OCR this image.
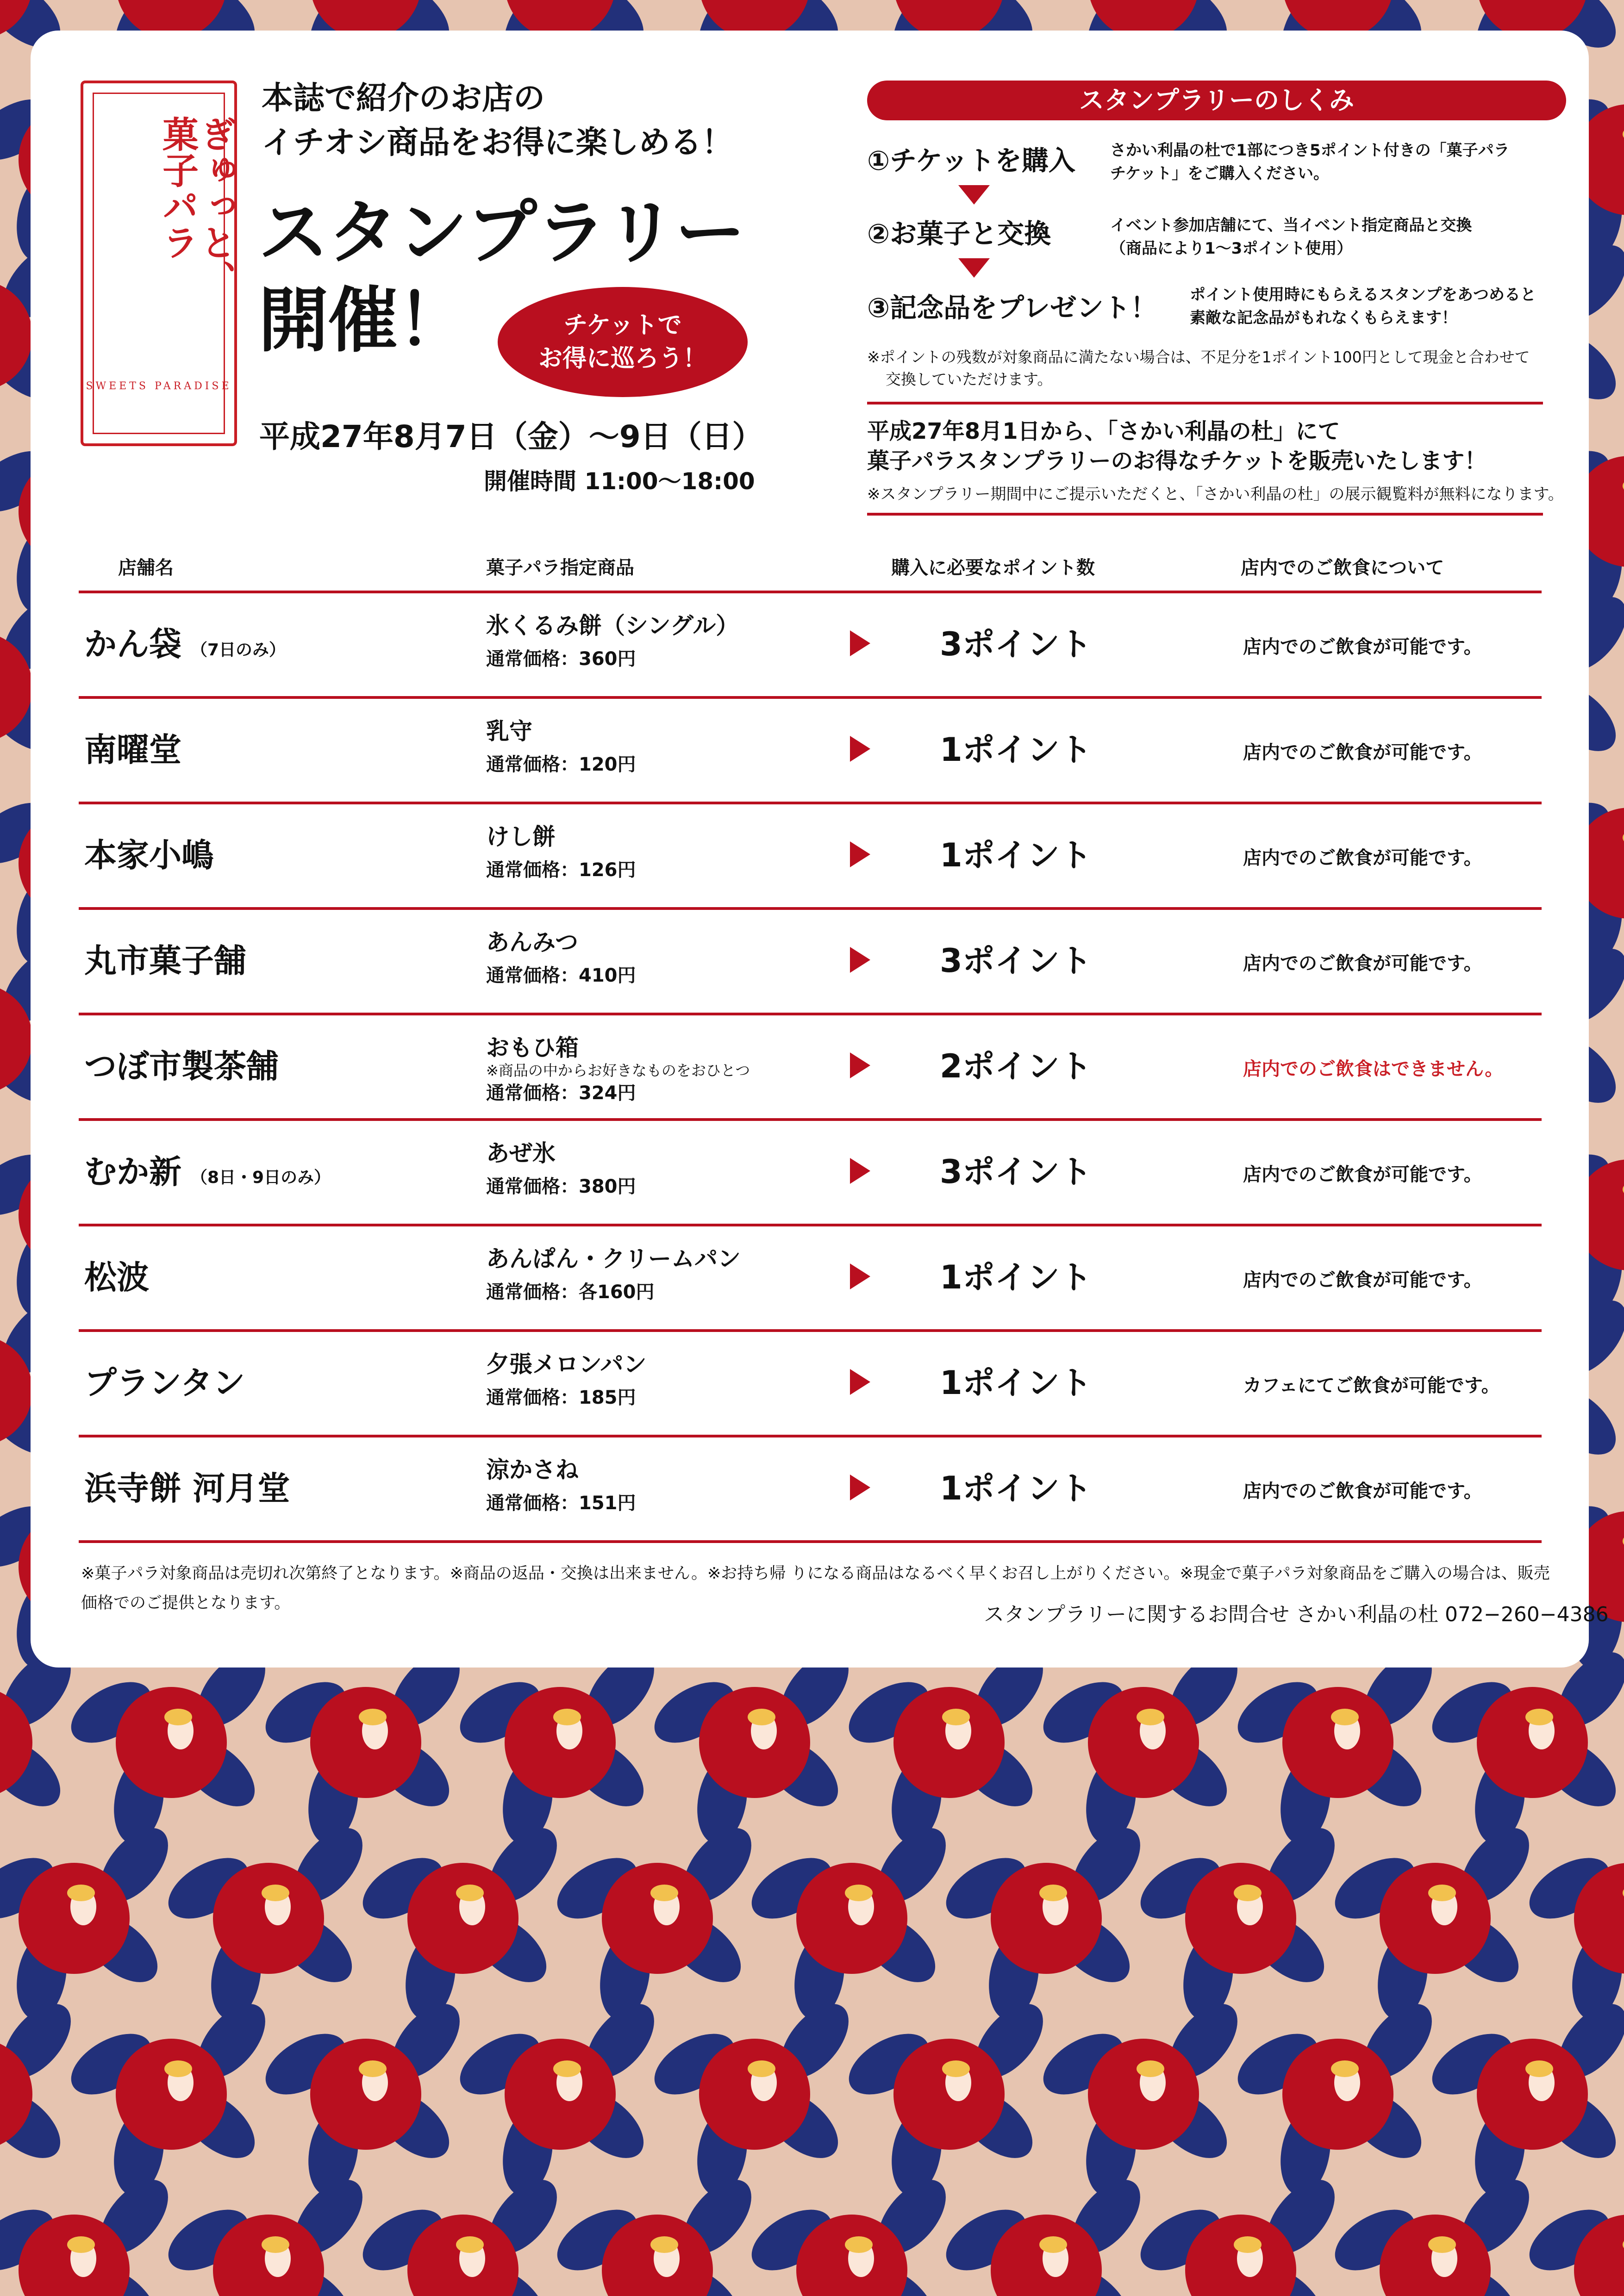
ぎゅっと、菓子パラ
SWEETS PARADISE
本誌で紹介のお店の
イチオシ商品をお得に楽しめる！
スタンプラリー
開催！	チケットで
お得に巡ろう！
平成27年8月7日（金）～9日（日）
開催時間 11:00～18:00
スタンプラリーのしくみ
①チケットを購入 さかい利晶の杜で1部につき5ポイント付きの「菓子パラ
チケット」をご購入ください。
②お菓子と交換	イベント参加店舗にて、当イベント指定商品と交換
（商品により1～3ポイント使用）
③記念品をプレゼント！ ポイント使用時にもらえるスタンプをあつめると
素敵な記念品がもれなくもらえます！
※ポイントの残数が対象商品に満たない場合は、不足分を1ポイント100円として現金と合わせて
交換していただけます。
平成27年8月1日から、「さかい利晶の杜」にて
菓子パラスタンプラリーのお得なチケットを販売いたします！
※スタンプラリー期間中にご提示いただくと、「さかい利晶の杜」の展示観覧料が無料になります。
店舗名	菓子パラ指定商品	購入に必要なポイント数	店内でのご飲食について
かん袋 （7日のみ）
氷くるみ餅（シングル）
通常価格：360円	3ポイント	店内でのご飲食が可能です。
南曜堂	乳守
通常価格：120円	1ポイント	店内でのご飲食が可能です。
本家小嶋	けし餅
通常価格：126円	1ポイント	店内でのご飲食が可能です。
丸市菓子舗	あんみつ
通常価格：410円	3ポイント	店内でのご飲食が可能です。
つぼ市製茶舗	おもひ箱
※商品の中からお好きなものをおひとつ
通常価格：324円
2ポイント	店内でのご飲食はできません。
むか新 （8日・9日のみ）
あぜ氷
通常価格：380円	3ポイント	店内でのご飲食が可能です。
松波	あんぱん・クリームパン
通常価格：各160円	1ポイント	店内でのご飲食が可能です。
プランタン	夕張メロンパン
通常価格：185円	1ポイント	カフェにてご飲食が可能です。
浜寺餅 河月堂	涼かさね
通常価格：151円	1ポイント	店内でのご飲食が可能です。
※菓子パラ対象商品は売切れ次第終了となります。※商品の返品・交換は出来ません。※お持ち帰 りになる商品はなるべく早くお召し上がりください。※現金で菓子パラ対象商品をご購入の場合は、販売価格でのご提供となります。	スタンプラリーに関するお問合せ さかい利晶の杜 072−260−4386
